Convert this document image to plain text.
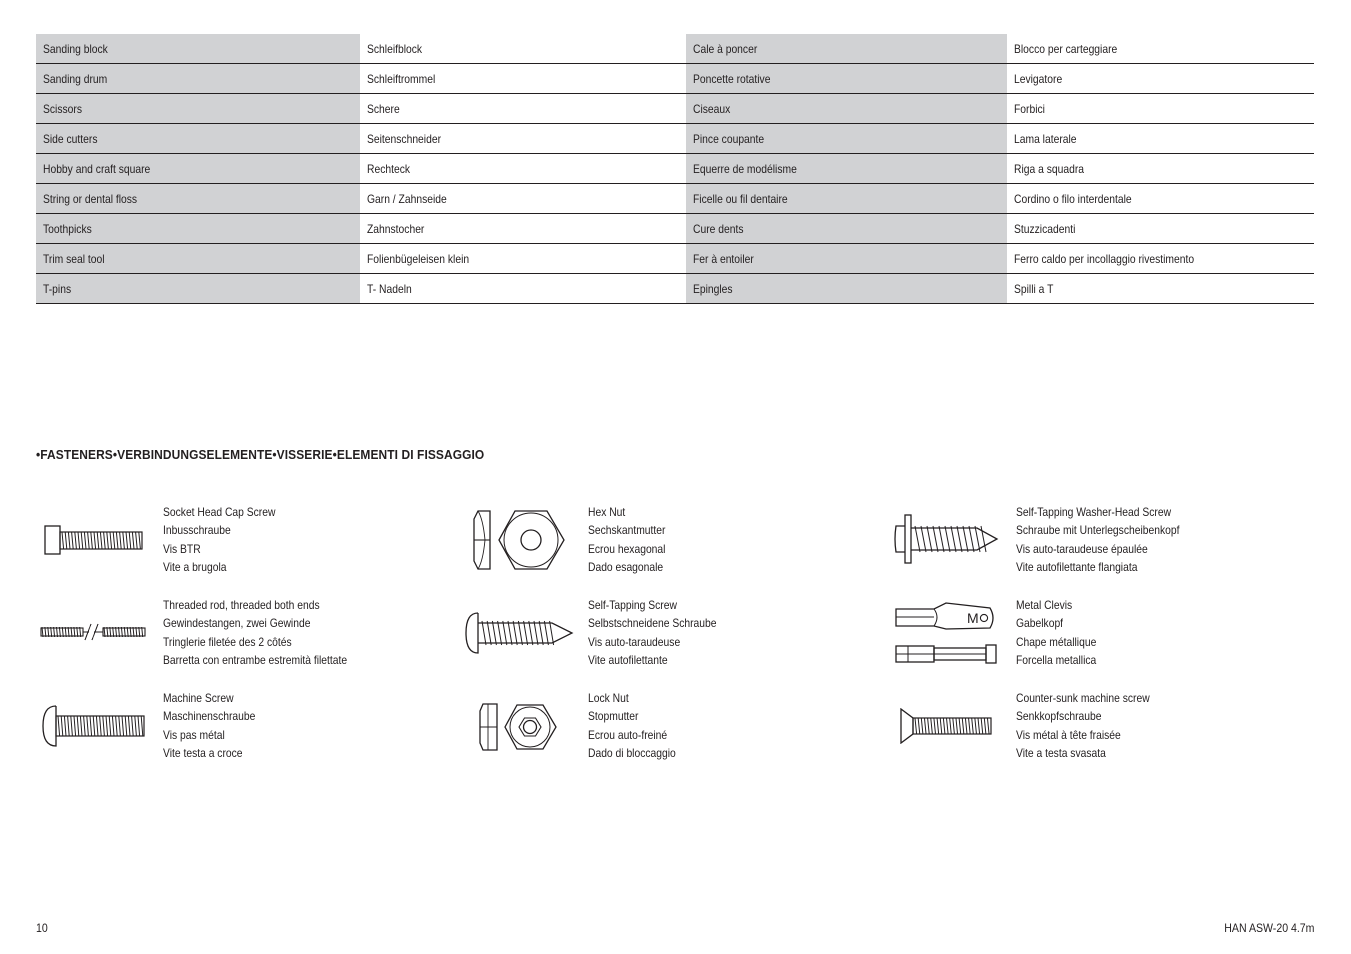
Sanding block	Schleifblock	Cale à poncer	Blocco per carteggiare
Sanding drum	Schleiftrommel	Poncette rotative	Levigatore
Scissors	Schere	Ciseaux	Forbici
Side cutters	Seitenschneider	Pince coupante	Lama laterale
Hobby and craft square	Rechteck	Equerre de modélisme	Riga a squadra
String or dental floss	Garn / Zahnseide	Ficelle ou fil dentaire	Cordino o filo interdentale
Toothpicks	Zahnstocher	Cure dents	Stuzzicadenti
Trim seal tool	Folienbügeleisen klein	Fer à entoiler	Ferro caldo per incollaggio rivestimento
T-pins	T- Nadeln	Epingles	Spilli a T
•FASTENERS•VERBINDUNGSELEMENTE•VISSERIE•ELEMENTI DI FISSAGGIO
Socket Head Cap Screw
Inbusschraube
Vis BTR
Vite a brugola
Hex Nut
Sechskantmutter
Ecrou hexagonal
Dado esagonale
Self-Tapping Washer-Head Screw
Schraube mit Unterlegscheibenkopf
Vis auto-taraudeuse épaulée
Vite autofilettante flangiata
Threaded rod, threaded both ends
Gewindestangen, zwei Gewinde
Tringlerie filetée des 2 côtés
Barretta con entrambe estremità filettate
Self-Tapping Screw
Selbstschneidene Schraube
Vis auto-taraudeuse
Vite autofilettante
M
Metal Clevis
Gabelkopf
Chape métallique
Forcella metallica
Machine Screw
Maschinenschraube
Vis pas métal
Vite testa a croce
Lock Nut
Stopmutter
Ecrou auto-freiné
Dado di bloccaggio
Counter-sunk machine screw
Senkkopfschraube
Vis métal à tête fraisée
Vite a testa svasata
10	HAN ASW-20 4.7m
